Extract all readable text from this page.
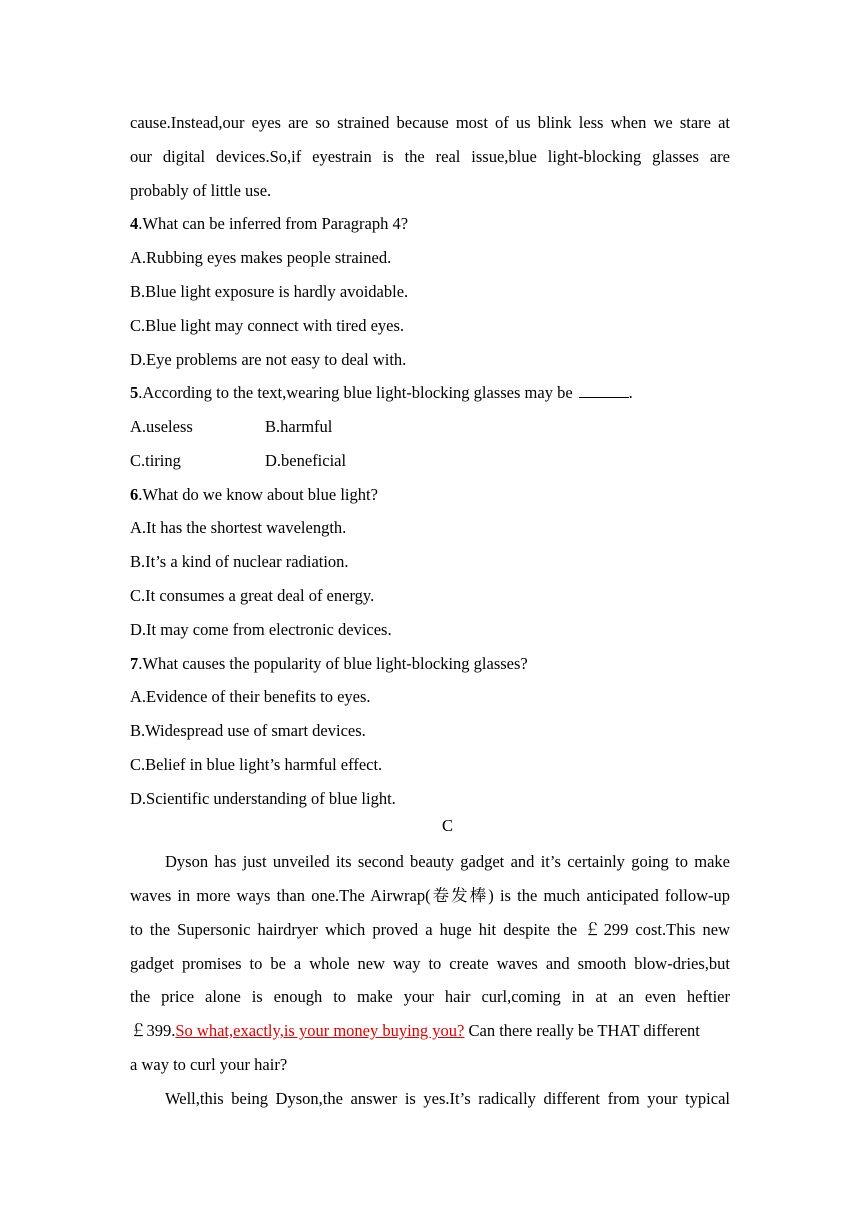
cause.Instead,our eyes are so strained because most of us blink less when we stare at
our digital devices.So,if eyestrain is the real issue,blue light-blocking glasses are
probably of little use.
4.What can be inferred from Paragraph 4?
A.Rubbing eyes makes people strained.
B.Blue light exposure is hardly avoidable.
C.Blue light may connect with tired eyes.
D.Eye problems are not easy to deal with.
5.According to the text,wearing blue light-blocking glasses may be	.
A.useless	B.harmful
C.tiring	D.beneficial
6.What do we know about blue light?
A.It has the shortest wavelength.
B.It’s a kind of nuclear radiation.
C.It consumes a great deal of energy.
D.It may come from electronic devices.
7.What causes the popularity of blue light-blocking glasses?
A.Evidence of their benefits to eyes.
B.Widespread use of smart devices.
C.Belief in blue light’s harmful effect.
D.Scientific understanding of blue light.
C
Dyson has just unveiled its second beauty gadget and it’s certainly going to make
waves in more ways than one.The Airwrap(卷发棒) is the much anticipated follow-up
to the Supersonic hairdryer which proved a huge hit despite the ￡299 cost.This new
gadget promises to be a whole new way to create waves and smooth blow-dries,but
the price alone is enough to make your hair curl,coming in at an even heftier
￡399.So what,exactly,is your money buying you? Can there really be THAT different
a way to curl your hair?
Well,this being Dyson,the answer is yes.It’s radically different from your typical
